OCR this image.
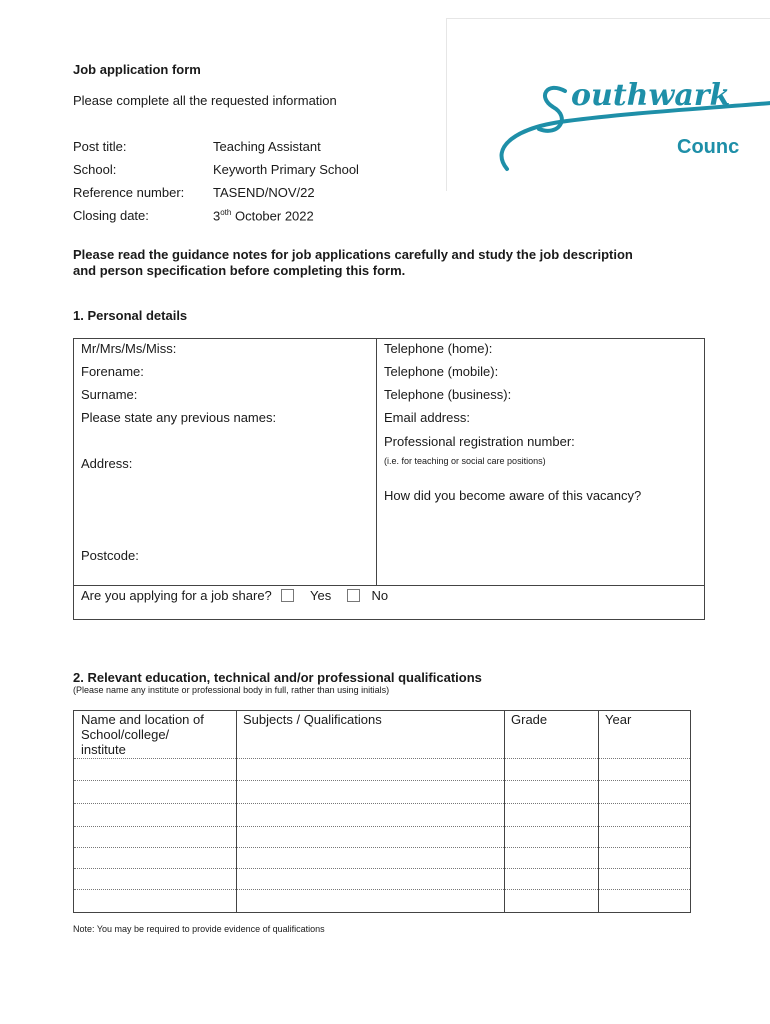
outhwark
Counc
Job application form
Please complete all the requested information
Post title:	Teaching Assistant
School:	Keyworth Primary School
Reference number: TASEND/NOV/22
Closing date:	$3^{oth}$ October 2022
Please read the guidance notes for job applications carefully and study the job description
and person specification before completing this form.
1. Personal details
Mr/Mrs/Ms/Miss:
Forename:
Surname:
Please state any previous names:
Address:
Postcode:
Telephone (home):
Telephone (mobile):
Telephone (business):
Email address:
Professional registration number:
(i.e. for teaching or social care positions)
How did you become aware of this vacancy?
Are you applying for a job share?	Yes	No
2. Relevant education, technical and/or professional qualifications
(Please name any institute or professional body in full, rather than using initials)
Name and location of
School/college/
institute
Subjects / Qualifications	Grade	Year
Note: You may be required to provide evidence of qualifications
